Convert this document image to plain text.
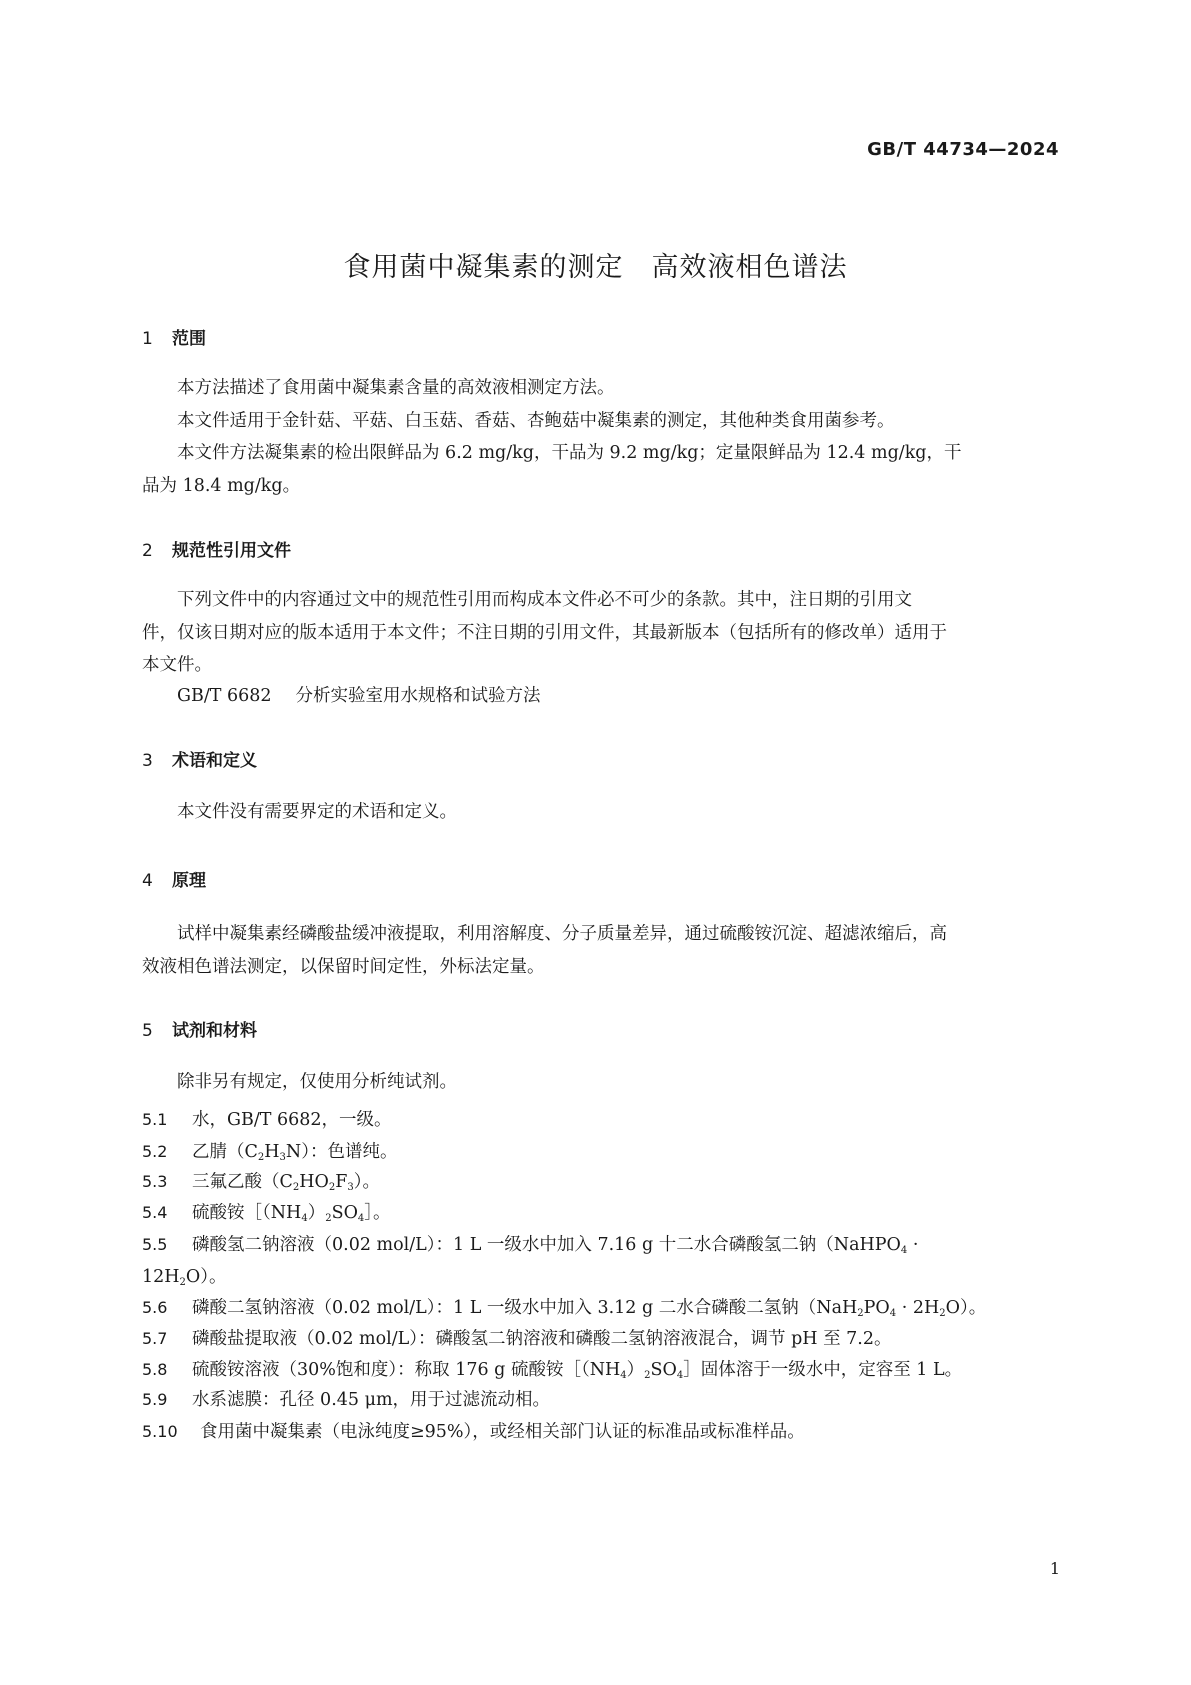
GB/T 44734—2024
食用菌中凝集素的测定　高效液相色谱法
1 范围
本方法描述了食用菌中凝集素含量的高效液相测定方法。
本文件适用于金针菇、平菇、白玉菇、香菇、杏鲍菇中凝集素的测定，其他种类食用菌参考。
本文件方法凝集素的检出限鲜品为 6.2 mg/kg，干品为 9.2 mg/kg；定量限鲜品为 12.4 mg/kg，干
品为 18.4 mg/kg。
2 规范性引用文件
下列文件中的内容通过文中的规范性引用而构成本文件必不可少的条款。其中，注日期的引用文
件，仅该日期对应的版本适用于本文件；不注日期的引用文件，其最新版本（包括所有的修改单）适用于
本文件。
GB/T 6682 分析实验室用水规格和试验方法
3 术语和定义
本文件没有需要界定的术语和定义。
4 原理
试样中凝集素经磷酸盐缓冲液提取，利用溶解度、分子质量差异，通过硫酸铵沉淀、超滤浓缩后，高
效液相色谱法测定，以保留时间定性，外标法定量。
5 试剂和材料
除非另有规定，仅使用分析纯试剂。
5.1 水，GB/T 6682，一级。
5.2 乙腈$(C_2H_3N)$：色谱纯。
5.3 三氟乙酸$(C_2HO_2F_3)$。
5.4 硫酸铵$[(NH_4)_2SO_4]$。
5.5 磷酸氢二钠溶液（0.02 mol/L）：1 L 一级水中加入 7.16 g 十二水合磷酸氢二钠（NaHPO$_4$ ·
$12H_2O$）。
5.6 磷酸二氢钠溶液（0.02 mol/L）：1 L 一级水中加入 3.12 g 二水合磷酸二氢钠$(NaH_2PO_4 \cdot 2H_2O)$。
5.7 磷酸盐提取液（0.02 mol/L）：磷酸氢二钠溶液和磷酸二氢钠溶液混合，调节 pH 至 7.2。
5.8 硫酸铵溶液（30%饱和度）：称取 176 g 硫酸铵$[(NH_4)_2SO_4]$固体溶于一级水中，定容至 1 L。
5.9 水系滤膜：孔径 0.45 μm，用于过滤流动相。
5.10 食用菌中凝集素（电泳纯度≥95%），或经相关部门认证的标准品或标准样品。
1
